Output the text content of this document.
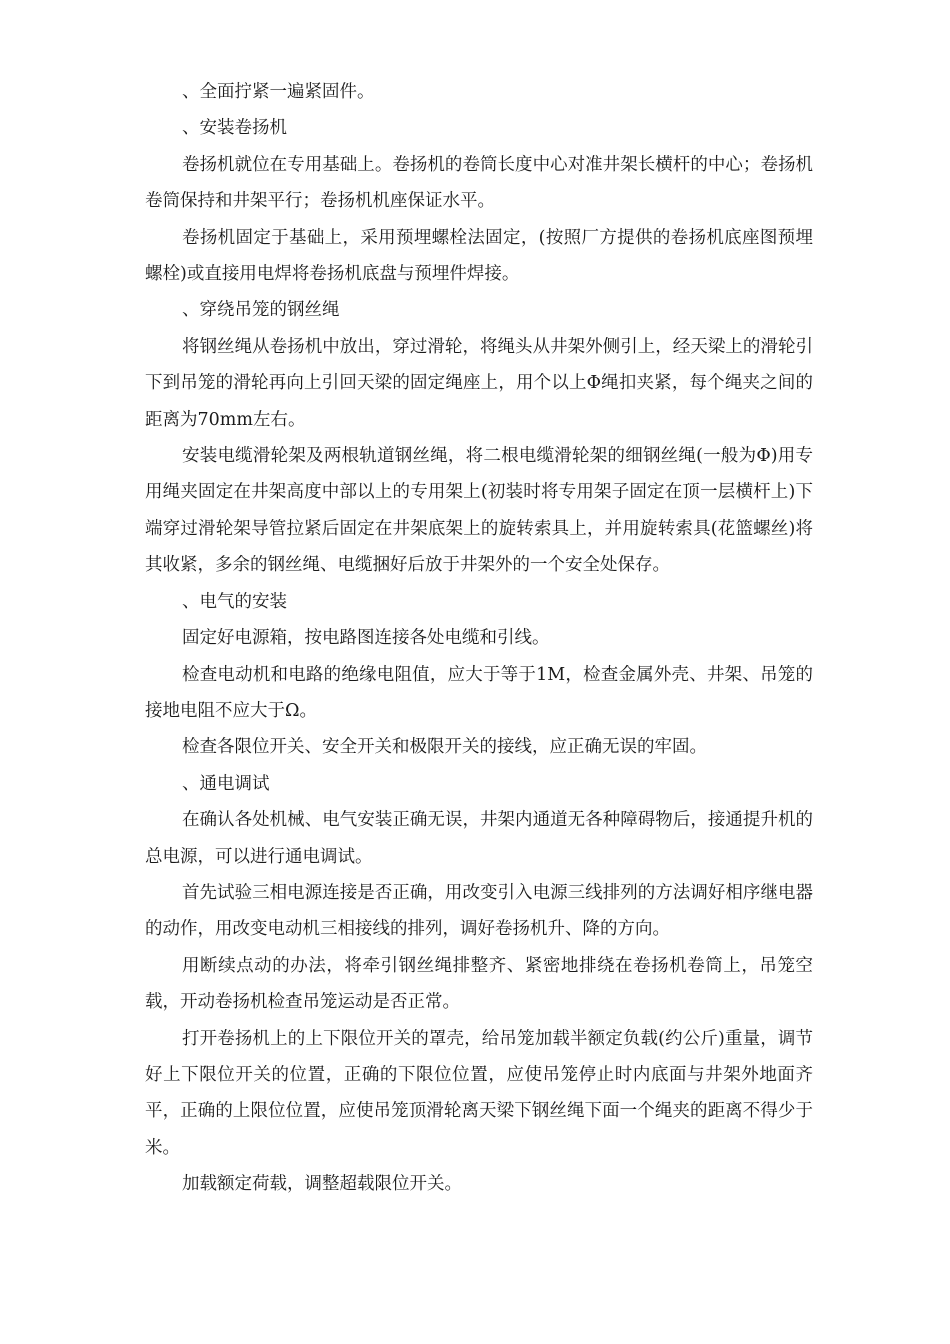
、全面拧紧一遍紧固件。

、安装卷扬机

卷扬机就位在专用基础上。卷扬机的卷筒长度中心对准井架长横杆的中心；卷扬机卷筒保持和井架平行；卷扬机机座保证水平。

卷扬机固定于基础上，采用预埋螺栓法固定，(按照厂方提供的卷扬机底座图预埋螺栓)或直接用电焊将卷扬机底盘与预埋件焊接。

、穿绕吊笼的钢丝绳

将钢丝绳从卷扬机中放出，穿过滑轮，将绳头从井架外侧引上，经天梁上的滑轮引下到吊笼的滑轮再向上引回天梁的固定绳座上，用个以上Φ绳扣夹紧，每个绳夹之间的距离为70mm左右。

安装电缆滑轮架及两根轨道钢丝绳，将二根电缆滑轮架的细钢丝绳(一般为Φ)用专用绳夹固定在井架高度中部以上的专用架上(初装时将专用架子固定在顶一层横杆上)下端穿过滑轮架导管拉紧后固定在井架底架上的旋转索具上，并用旋转索具(花篮螺丝)将其收紧，多余的钢丝绳、电缆捆好后放于井架外的一个安全处保存。

、电气的安装

固定好电源箱，按电路图连接各处电缆和引线。

检查电动机和电路的绝缘电阻值，应大于等于1M，检查金属外壳、井架、吊笼的接地电阻不应大于Ω。

检查各限位开关、安全开关和极限开关的接线，应正确无误的牢固。

、通电调试

在确认各处机械、电气安装正确无误，井架内通道无各种障碍物后，接通提升机的总电源，可以进行通电调试。

首先试验三相电源连接是否正确，用改变引入电源三线排列的方法调好相序继电器的动作，用改变电动机三相接线的排列，调好卷扬机升、降的方向。

用断续点动的办法，将牵引钢丝绳排整齐、紧密地排绕在卷扬机卷筒上，吊笼空载，开动卷扬机检查吊笼运动是否正常。

打开卷扬机上的上下限位开关的罩壳，给吊笼加载半额定负载(约公斤)重量，调节好上下限位开关的位置，正确的下限位位置，应使吊笼停止时内底面与井架外地面齐平，正确的上限位位置，应使吊笼顶滑轮离天梁下钢丝绳下面一个绳夹的距离不得少于米。

加载额定荷载，调整超载限位开关。
